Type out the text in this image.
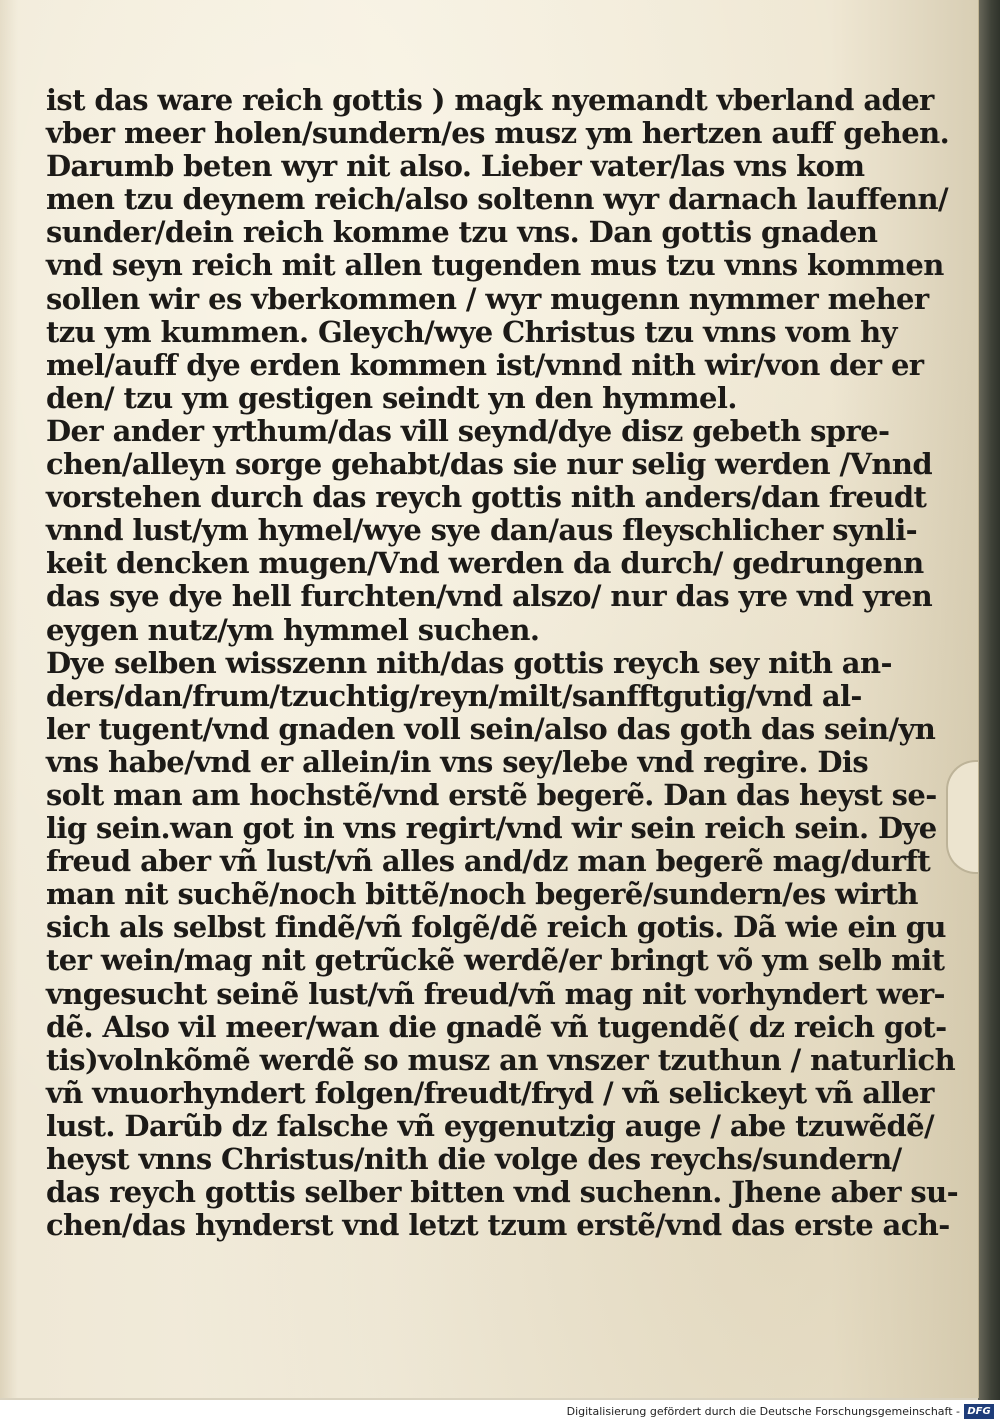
ist das ware reich gottis ) magk nyemandt vberland ader
vber meer holen/sundern/es musz ym hertzen auff gehen.
Darumb beten wyr nit also. Lieber vater/las vns kom
men tzu deynem reich/also soltenn wyr darnach lauffenn/
sunder/dein reich komme tzu vns. Dan gottis gnaden
vnd seyn reich mit allen tugenden mus tzu vnns kommen
sollen wir es vberkommen / wyr mugenn nymmer meher
tzu ym kummen. Gleych/wye Christus tzu vnns vom hy
mel/auff dye erden kommen ist/vnnd nith wir/von der er
den/ tzu ym gestigen seindt yn den hymmel.
Der ander yrthum/das vill seynd/dye disz gebeth spre-
chen/alleyn sorge gehabt/das sie nur selig werden /Vnnd
vorstehen durch das reych gottis nith anders/dan freudt
vnnd lust/ym hymel/wye sye dan/aus fleyschlicher synli-
keit dencken mugen/Vnd werden da durch/ gedrungenn
das sye dye hell furchten/vnd alszo/ nur das yre vnd yren
eygen nutz/ym hymmel suchen.
Dye selben wisszenn nith/das gottis reych sey nith an-
ders/dan/frum/tzuchtig/reyn/milt/sanfftgutig/vnd al-
ler tugent/vnd gnaden voll sein/also das goth das sein/yn
vns habe/vnd er allein/in vns sey/lebe vnd regire. Dis
solt man am hochstẽ/vnd erstẽ begerẽ. Dan das heyst se-
lig sein.wan got in vns regirt/vnd wir sein reich sein. Dye
freud aber vñ lust/vñ alles and/dz man begerẽ mag/durft
man nit suchẽ/noch bittẽ/noch begerẽ/sundern/es wirth
sich als selbst findẽ/vñ folgẽ/dẽ reich gotis. Dã wie ein gu
ter wein/mag nit getrũckẽ werdẽ/er bringt võ ym selb mit
vngesucht seinẽ lust/vñ freud/vñ mag nit vorhyndert wer-
dẽ. Also vil meer/wan die gnadẽ vñ tugendẽ( dz reich got-
tis)volnkõmẽ werdẽ so musz an vnszer tzuthun / naturlich
vñ vnuorhyndert folgen/freudt/fryd / vñ selickeyt vñ aller
lust. Darũb dz falsche vñ eygenutzig auge / abe tzuwẽdẽ/
heyst vnns Christus/nith die volge des reychs/sundern/
das reych gottis selber bitten vnd suchenn. Jhene aber su-
chen/das hynderst vnd letzt tzum erstẽ/vnd das erste ach-
Digitalisierung gefördert durch die Deutsche Forschungsgemeinschaft - DFG
